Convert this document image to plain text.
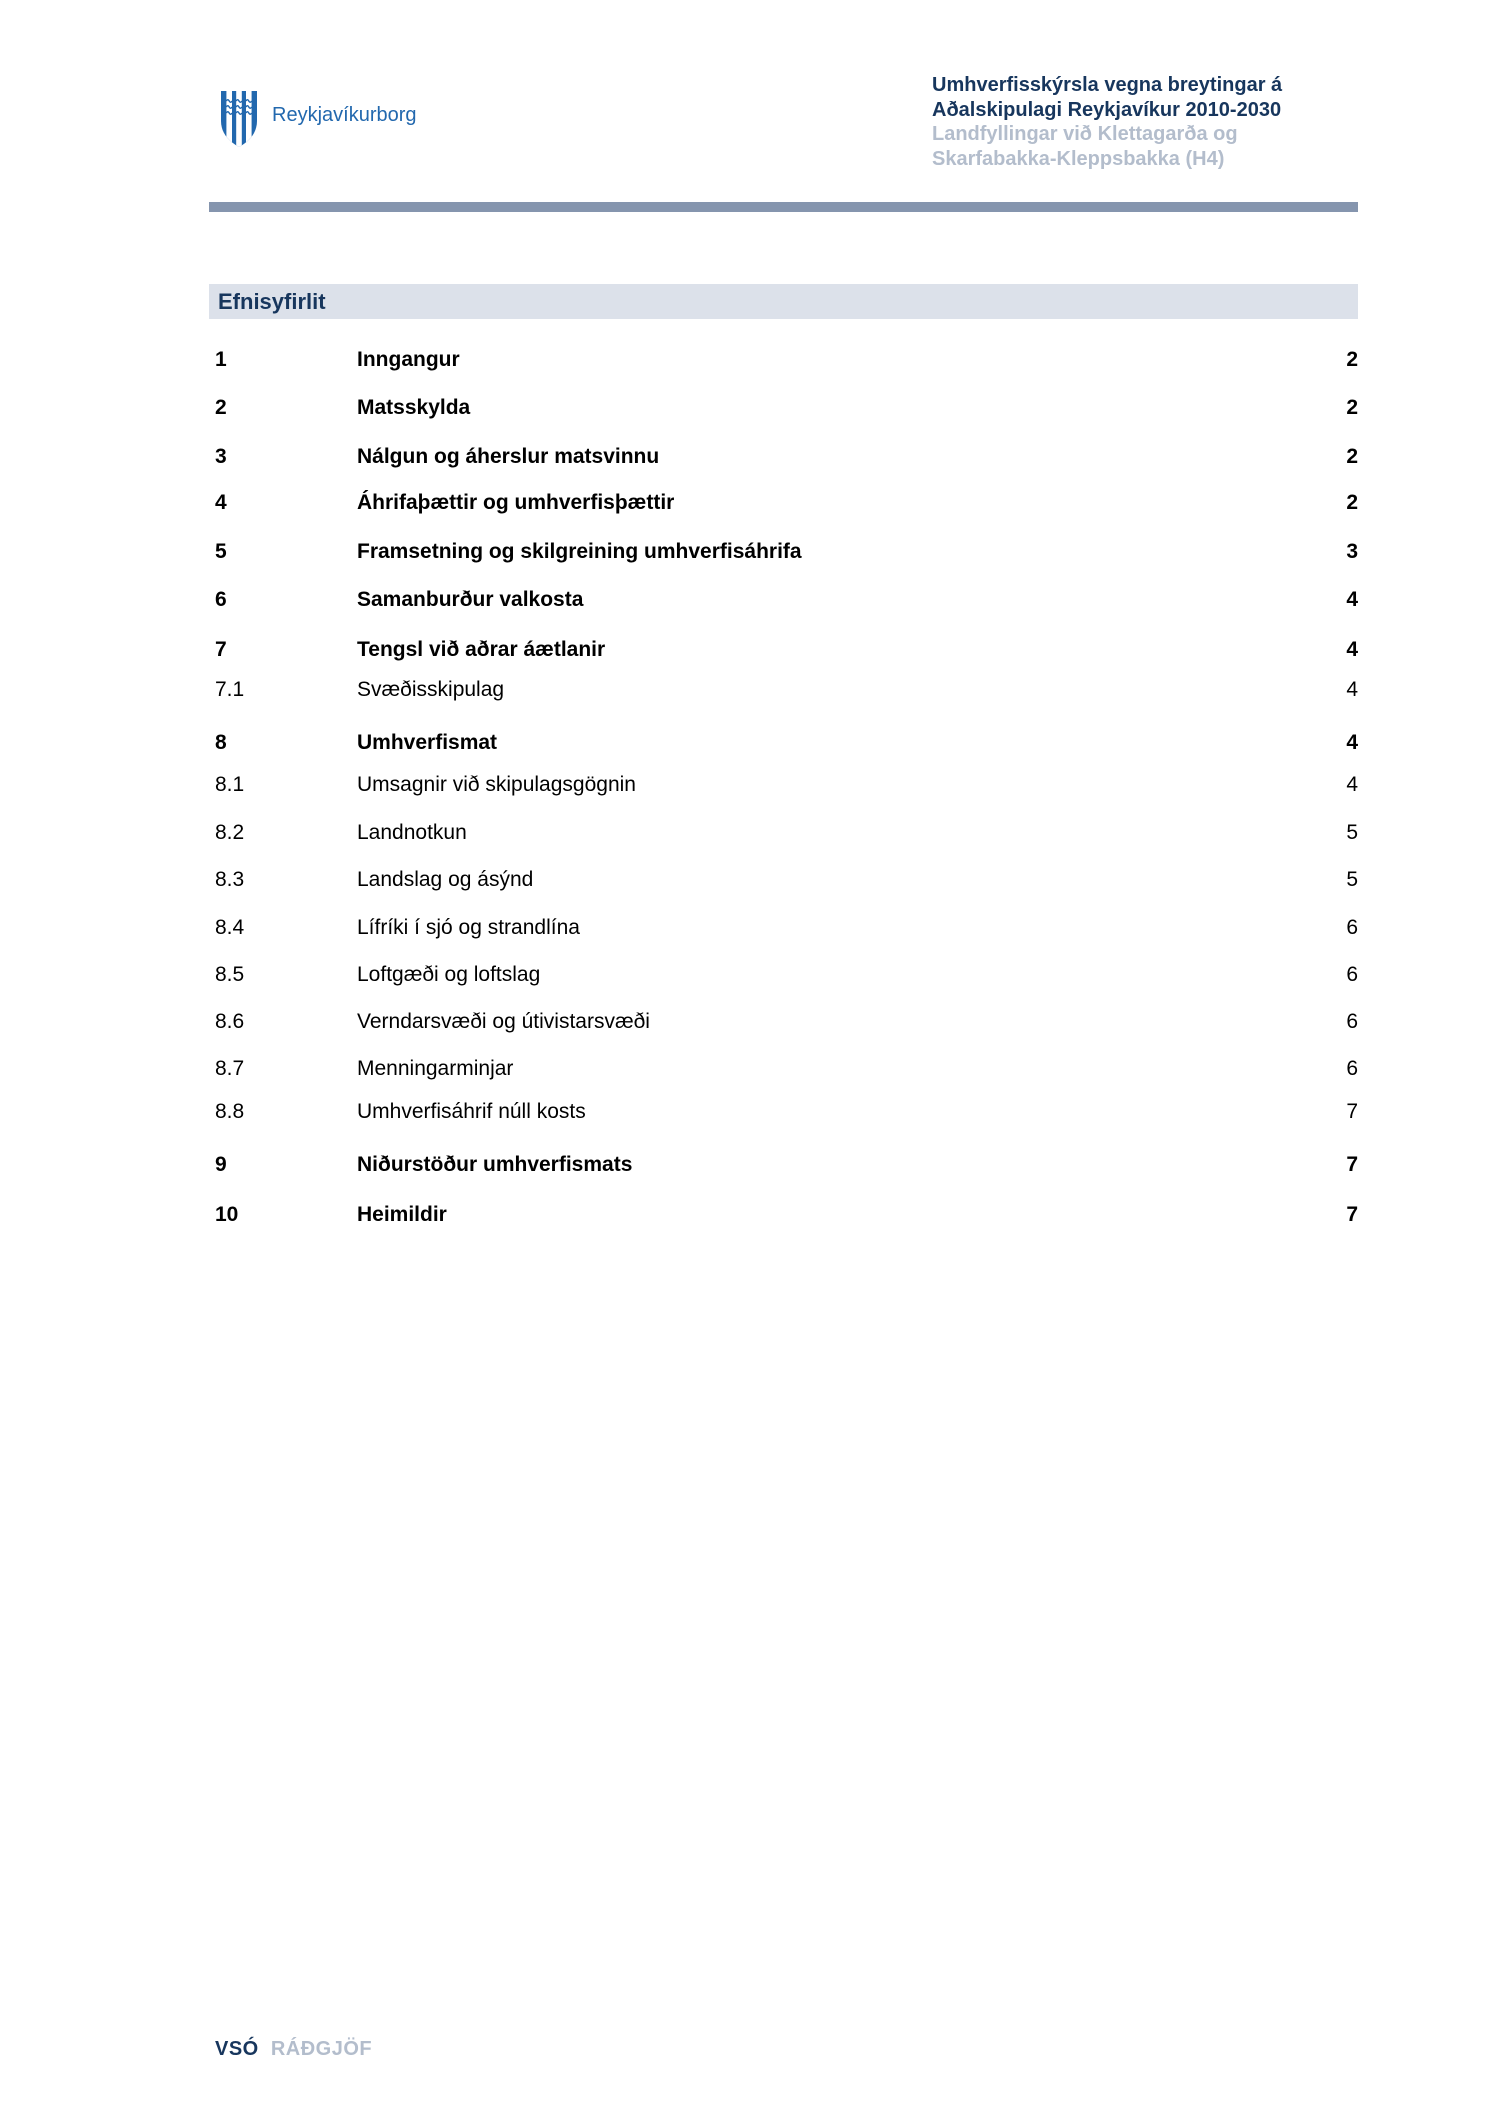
Reykjavíkurborg
Umhverfisskýrsla vegna breytingar á
Aðalskipulagi Reykjavíkur 2010-2030
Landfyllingar við Klettagarða og
Skarfabakka-Kleppsbakka (H4)
Efnisyfirlit
1	Inngangur	2
2	Matsskylda	2
3	Nálgun og áherslur matsvinnu	2
4	Áhrifaþættir og umhverfisþættir	2
5	Framsetning og skilgreining umhverfisáhrifa	3
6	Samanburður valkosta	4
7	Tengsl við aðrar áætlanir	4
7.1	Svæðisskipulag	4
8	Umhverfismat	4
8.1	Umsagnir við skipulagsgögnin	4
8.2	Landnotkun	5
8.3	Landslag og ásýnd	5
8.4	Lífríki í sjó og strandlína	6
8.5	Loftgæði og loftslag	6
8.6	Verndarsvæði og útivistarsvæði	6
8.7	Menningarminjar	6
8.8	Umhverfisáhrif núll kosts	7
9	Niðurstöður umhverfismats	7
10	Heimildir	7
VSÓ RÁÐGJÖF
